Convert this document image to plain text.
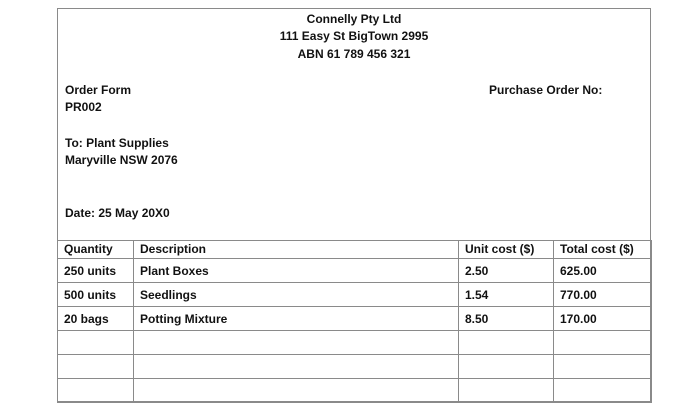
Connelly Pty Ltd
111 Easy St BigTown 2995
ABN 61 789 456 321
Order Form
PR002
Purchase Order No:
To: Plant Supplies
Maryville NSW 2076
Date: 25 May 20X0
Quantity	Description	Unit cost ($)	Total cost ($)
250 units	Plant Boxes	2.50	625.00
500 units	Seedlings	1.54	770.00
20 bags	Potting Mixture	8.50	170.00
